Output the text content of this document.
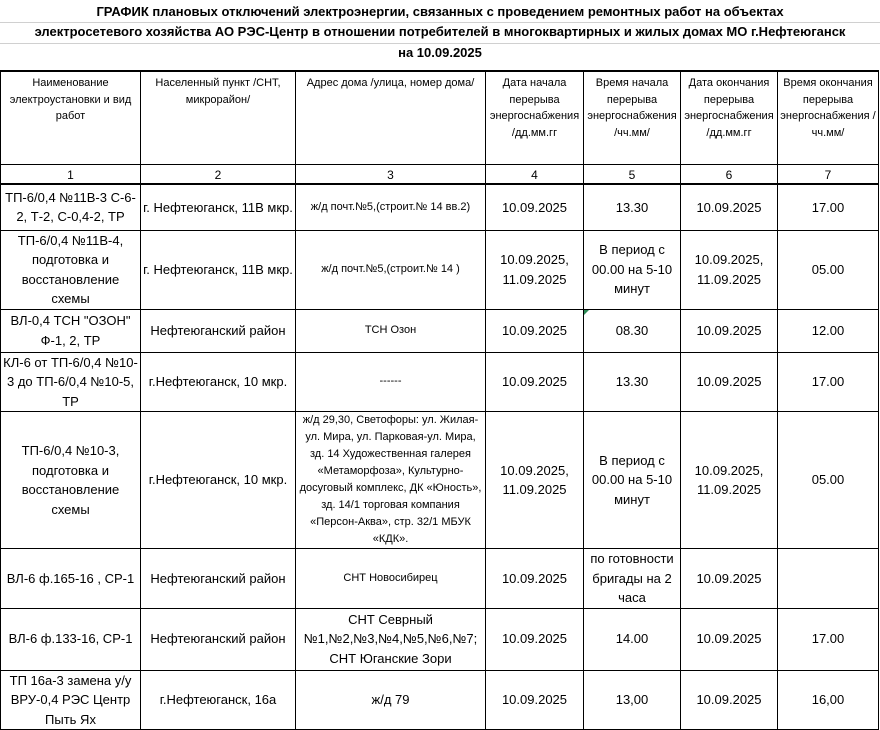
ГРАФИК плановых отключений электроэнергии, связанных с проведением ремонтных работ на объектах
электросетевого хозяйства АО РЭС-Центр в отношении потребителей в многоквартирных и жилых домах МО г.Нефтеюганск
на 10.09.2025
Наименование электроустановки и вид работ	Населенный пункт /СНТ, микрорайон/	Адрес дома /улица, номер дома/	Дата начала перерыва энергоснабжения /дд.мм.гг	Время начала перерыва энергоснабжения /чч.мм/	Дата окончания перерыва энергоснабжения /дд.мм.гг	Время окончания перерыва энергоснабжения /чч.мм/
1	2	3	4	5	6	7
ТП-6/0,4 №11В-3 С-6-2, Т-2, С-0,4-2, ТР	г. Нефтеюганск, 11В мкр.	ж/д почт.№5,(строит.№ 14 вв.2)	10.09.2025	13.30	10.09.2025	17.00
ТП-6/0,4 №11В-4, подготовка и восстановление схемы	г. Нефтеюганск, 11В мкр.	ж/д почт.№5,(строит.№ 14 )	10.09.2025, 11.09.2025	В период с 00.00 на 5-10 минут	10.09.2025, 11.09.2025	05.00
ВЛ-0,4 ТСН "ОЗОН" Ф-1, 2, ТР	Нефтеюганский район	ТСН Озон	10.09.2025	08.30	10.09.2025	12.00
КЛ-6 от ТП-6/0,4 №10-3 до ТП-6/0,4 №10-5, ТР	г.Нефтеюганск, 10 мкр.	------	10.09.2025	13.30	10.09.2025	17.00
ТП-6/0,4 №10-3, подготовка и восстановление схемы	г.Нефтеюганск, 10 мкр.	ж/д 29,30, Светофоры: ул. Жилая-ул. Мира, ул. Парковая-ул. Мира, зд. 14 Художественная галерея «Метаморфоза», Культурно-досуговый комплекс, ДК «Юность», зд. 14/1 торговая компания «Персон-Аква», стр. 32/1 МБУК «КДК».	10.09.2025, 11.09.2025	В период с 00.00 на 5-10 минут	10.09.2025, 11.09.2025	05.00
ВЛ-6 ф.165-16 , СР-1	Нефтеюганский район	СНТ Новосибирец	10.09.2025	по готовности бригады на 2 часа	10.09.2025	
ВЛ-6 ф.133-16, СР-1	Нефтеюганский район	СНТ Севрный №1,№2,№3,№4,№5,№6,№7; СНТ Юганские Зори	10.09.2025	14.00	10.09.2025	17.00
ТП 16а-3 замена у/у ВРУ-0,4 РЭС Центр Пыть Ях	г.Нефтеюганск, 16а	ж/д 79	10.09.2025	13,00	10.09.2025	16,00
